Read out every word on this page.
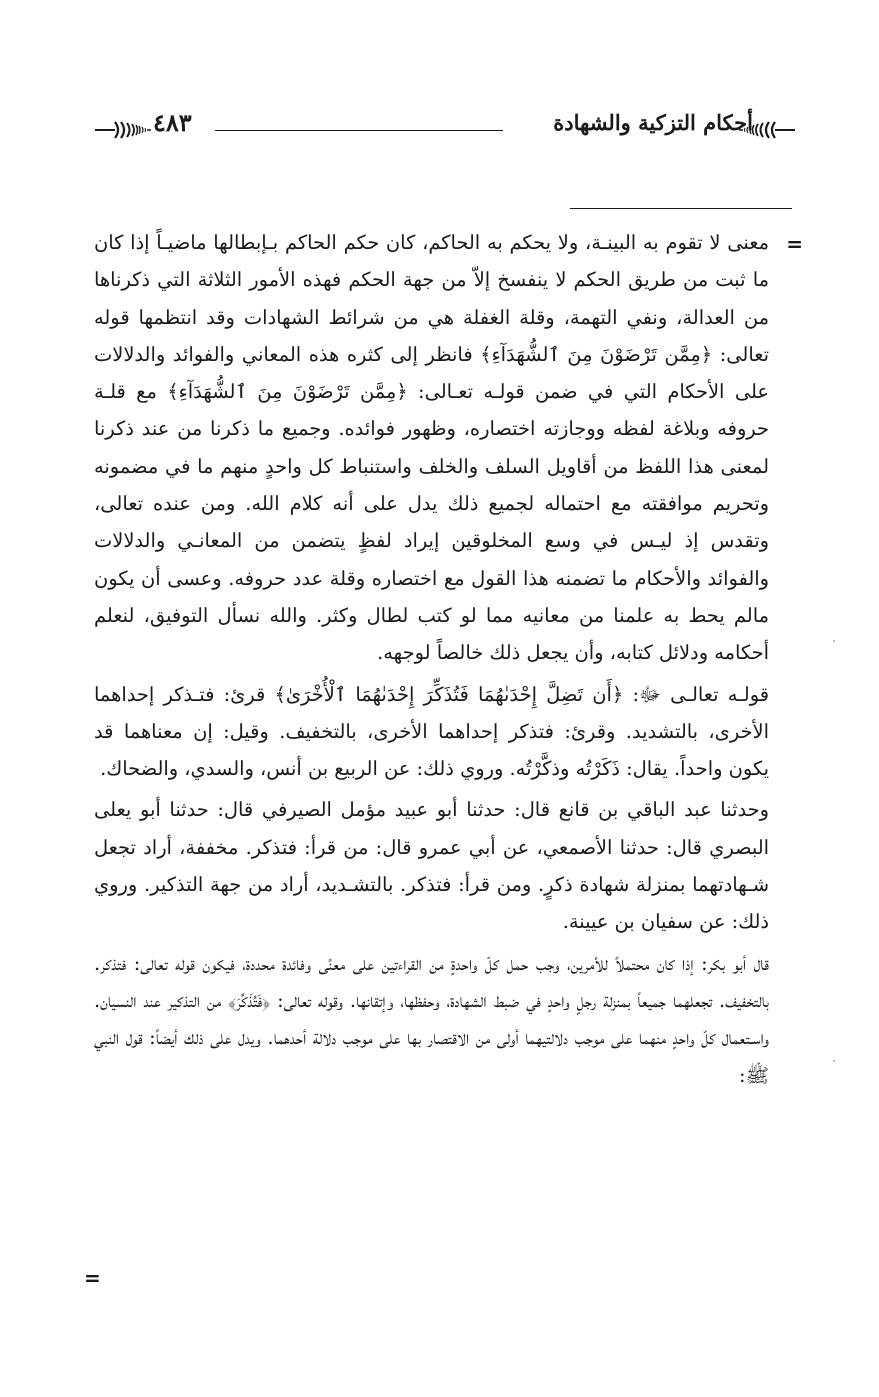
أحكام التزكية والشهادة
٤٨٣
=

معنى لا تقوم به البينـة، ولا يحكم به الحاكم، كان حكم الحاكم بـإبطالها ماضيـاً إذا كان ما ثبت من طريق الحكم لا ينفسخ إلاّ من جهة الحكم فهذه الأمور الثلاثة التي ذكرناها من العدالة، ونفي التهمة، وقلة الغفلة هي من شرائط الشهادات وقد انتظمها قوله تعالى: ﴿مِمَّن تَرْضَوْنَ مِنَ ٱلشُّهَدَآءِ﴾ فانظر إلى كثره هذه المعاني والفوائد والدلالات على الأحكام التي في ضمن قولـه تعـالى: ﴿مِمَّن تَرْضَوْنَ مِنَ ٱلشُّهَدَآءِ﴾ مع قلـة حروفه وبلاغة لفظه ووجازته اختصاره، وظهور فوائده. وجميع ما ذكرنا من عند ذكرنا لمعنى هذا اللفظ من أقاويل السلف والخلف واستنباط كل واحدٍ منهم ما في مضمونه وتحريم موافقته مع احتماله لجميع ذلك يدل على أنه كلام الله. ومن عنده تعالى، وتقدس إذ ليـس في وسع المخلوقين إيراد لفظٍ يتضمن من المعانـي والدلالات والفوائد والأحكام ما تضمنه هذا القول مع اختصاره وقلة عدد حروفه. وعسى أن يكون مالم يحط به علمنا من معانيه مما لو كتب لطال وكثر. والله نسأل التوفيق، لنعلم أحكامه ودلائل كتابه، وأن يجعل ذلك خالصاً لوجهه.

قولـه تعالـى ﷻ: ﴿أَن تَضِلَّ إِحْدَىٰهُمَا فَتُذَكِّرَ إِحْدَىٰهُمَا ٱلْأُخْرَىٰ﴾ قرئ: فتـذكر إحداهما الأخرى، بالتشديد. وقرئ: فتذكر إحداهما الأخرى، بالتخفيف. وقيل: إن معناهما قد يكون واحداً. يقال: ذَكَرْتُه وذكَّرْتُه. وروي ذلك: عن الربيع بن أنس، والسدي، والضحاك.

وحدثنا عبد الباقي بن قانع قال: حدثنا أبو عبيد مؤمل الصيرفي قال: حدثنا أبو يعلى البصري قال: حدثنا الأصمعي، عن أبي عمرو قال: من قرأ: فتذكر. مخففة، أراد تجعل شـهادتهما بمنزلة شهادة ذكرٍ. ومن قرأ: فتذكر. بالتشـديد، أراد من جهة التذكير. وروي ذلك: عن سفيان بن عيينة.

قال أبو بكر: إذا كان محتملاً للأمرين، وجب حمل كلّ واحدةٍ من القراءتين على معنًى وفائدة محددة، فيكون قوله تعالى: فتذكر. بالتخفيف. تجعلهما جميعاً بمنزلة رجلٍ واحدٍ في ضبط الشهادة، وحفظها، وإتقانها. وقوله تعالى: ﴿فَتُذَكِّرَ﴾ من التذكير عند النسيان. واسـتعمال كلّ واحدٍ منهما على موجب دلالتيهما أولى من الاقتصار بها على موجب دلالة أحدهما. ويدل على ذلك أيضاً: قول النبي ﷺ:

=
